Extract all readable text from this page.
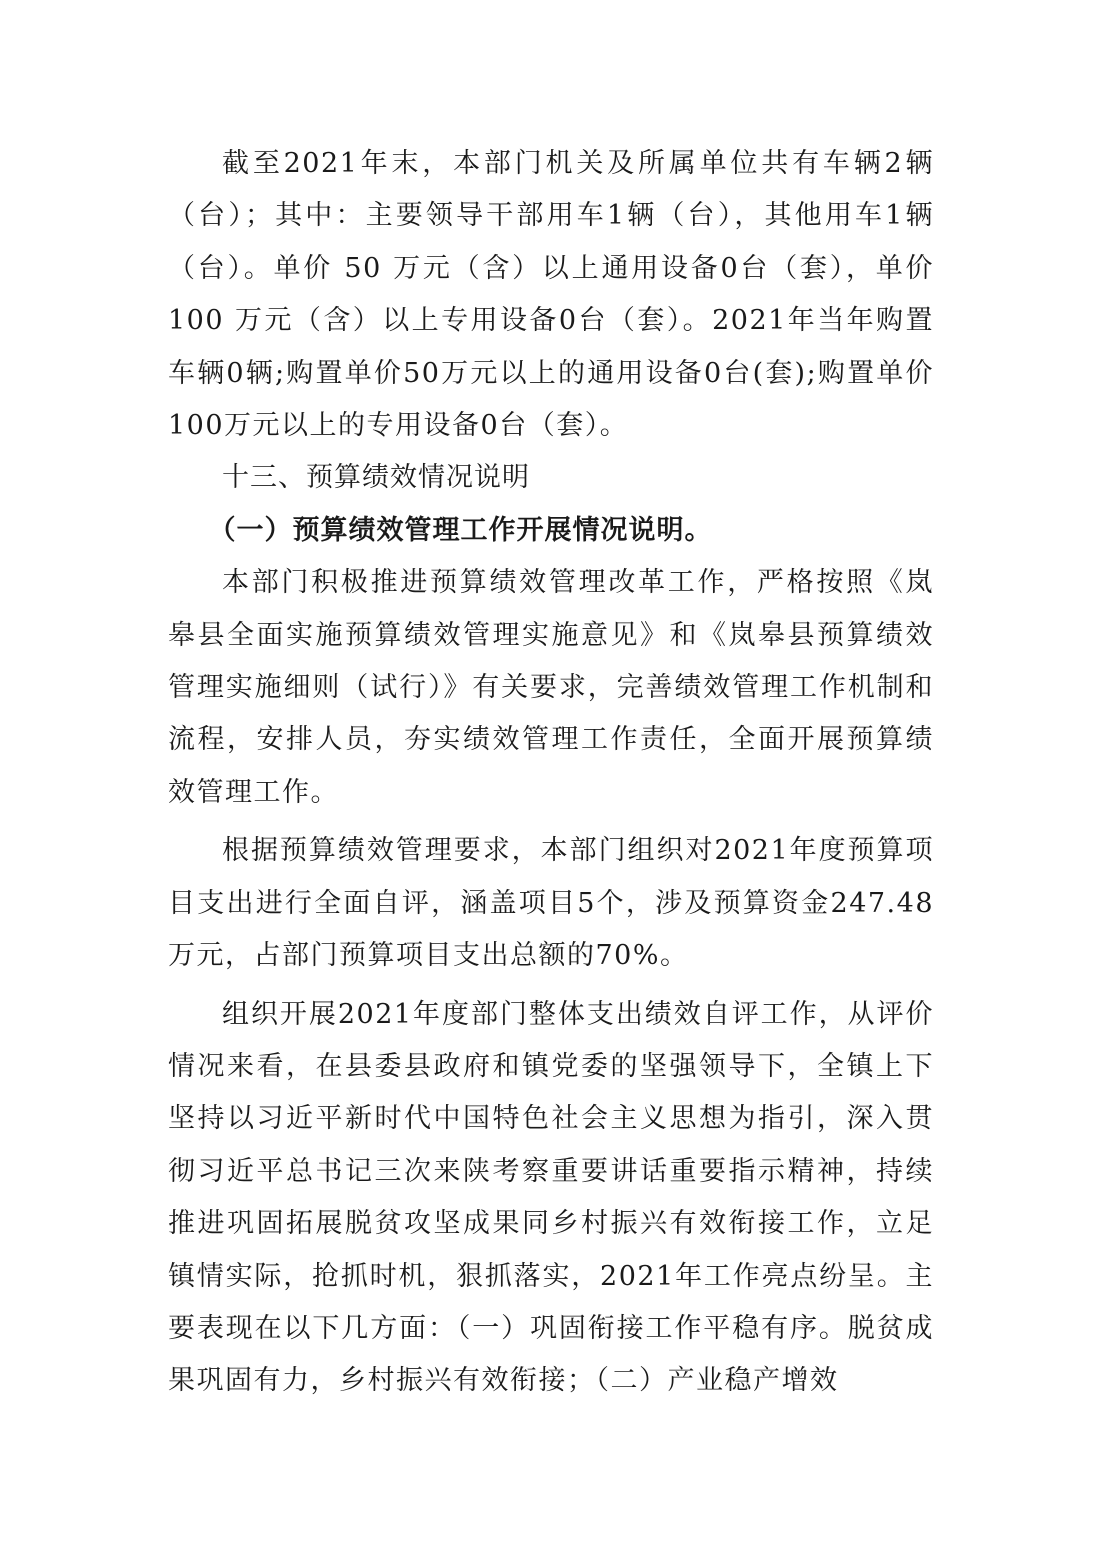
截至2021年末，本部门机关及所属单位共有车辆2辆（台）；其中：主要领导干部用车1辆（台），其他用车1辆（台）。单价 50 万元（含）以上通用设备0台（套），单价 100 万元（含）以上专用设备0台（套）。2021年当年购置车辆0辆;购置单价50万元以上的通用设备0台(套);购置单价100万元以上的专用设备0台（套）。

十三、预算绩效情况说明

（一）预算绩效管理工作开展情况说明。

本部门积极推进预算绩效管理改革工作，严格按照《岚皋县全面实施预算绩效管理实施意见》和《岚皋县预算绩效管理实施细则（试行）》有关要求，完善绩效管理工作机制和流程，安排人员，夯实绩效管理工作责任，全面开展预算绩效管理工作。

根据预算绩效管理要求，本部门组织对2021年度预算项目支出进行全面自评，涵盖项目5个，涉及预算资金247.48万元，占部门预算项目支出总额的70%。

组织开展2021年度部门整体支出绩效自评工作，从评价情况来看，在县委县政府和镇党委的坚强领导下，全镇上下坚持以习近平新时代中国特色社会主义思想为指引，深入贯彻习近平总书记三次来陕考察重要讲话重要指示精神，持续推进巩固拓展脱贫攻坚成果同乡村振兴有效衔接工作，立足镇情实际，抢抓时机，狠抓落实，2021年工作亮点纷呈。主要表现在以下几方面：（一）巩固衔接工作平稳有序。脱贫成果巩固有力，乡村振兴有效衔接；（二）产业稳产增效
